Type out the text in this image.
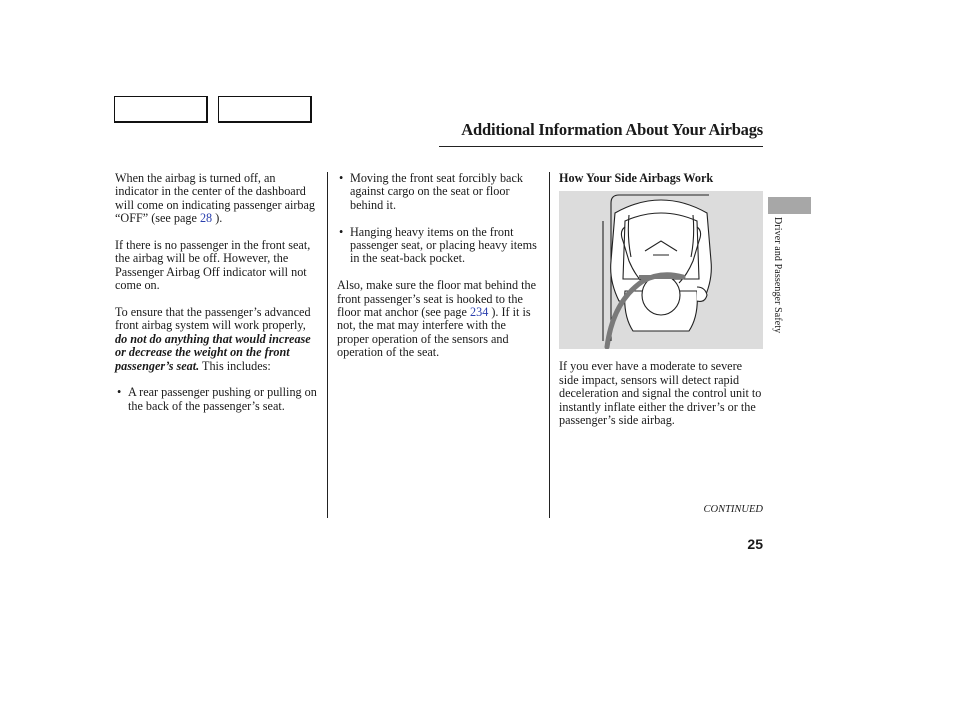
Additional Information About Your Airbags

When the airbag is turned off, an indicator in the center of the dashboard will come on indicating passenger airbag “OFF” (see page 28 ).

If there is no passenger in the front seat, the airbag will be off. However, the Passenger Airbag Off indicator will not come on.

To ensure that the passenger’s advanced front airbag system will work properly, do not do anything that would increase or decrease the weight on the front passenger’s seat. This includes:

• A rear passenger pushing or pulling on the back of the passenger’s seat.

• Moving the front seat forcibly back against cargo on the seat or floor behind it.

• Hanging heavy items on the front passenger seat, or placing heavy items in the seat-back pocket.

Also, make sure the floor mat behind the front passenger’s seat is hooked to the floor mat anchor (see page 234 ). If it is not, the mat may interfere with the proper operation of the sensors and operation of the seat.

How Your Side Airbags Work

If you ever have a moderate to severe side impact, sensors will detect rapid deceleration and signal the control unit to instantly inflate either the driver’s or the passenger’s side airbag.

Driver and Passenger Safety
CONTINUED
25
